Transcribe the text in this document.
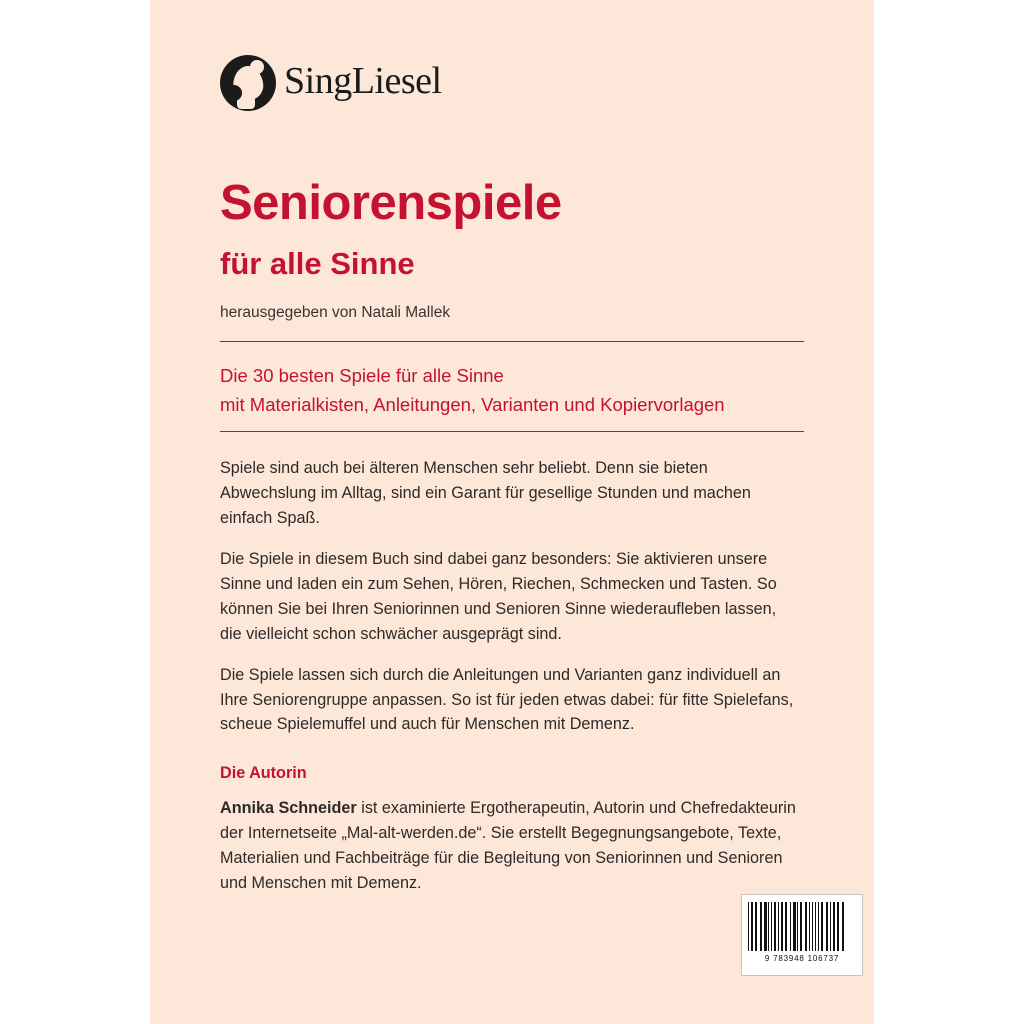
SingLiesel
Seniorenspiele
für alle Sinne
herausgegeben von Natali Mallek
Die 30 besten Spiele für alle Sinne
mit Materialkisten, Anleitungen, Varianten und Kopiervorlagen

Spiele sind auch bei älteren Menschen sehr beliebt. Denn sie bieten Abwechslung im Alltag, sind ein Garant für gesellige Stunden und machen einfach Spaß.

Die Spiele in diesem Buch sind dabei ganz besonders: Sie aktivieren unsere Sinne und laden ein zum Sehen, Hören, Riechen, Schmecken und Tasten. So können Sie bei Ihren Seniorinnen und Senioren Sinne wiederaufleben lassen, die vielleicht schon schwächer ausgeprägt sind.

Die Spiele lassen sich durch die Anleitungen und Varianten ganz individuell an Ihre Seniorengruppe anpassen. So ist für jeden etwas dabei: für fitte Spielefans, scheue Spielemuffel und auch für Menschen mit Demenz.

Die Autorin

Annika Schneider ist examinierte Ergotherapeutin, Autorin und Chefredakteurin der Internetseite „Mal-alt-werden.de“. Sie erstellt Begegnungsangebote, Texte, Materialien und Fachbeiträge für die Begleitung von Seniorinnen und Senioren und Menschen mit Demenz.

9 783948 106737
